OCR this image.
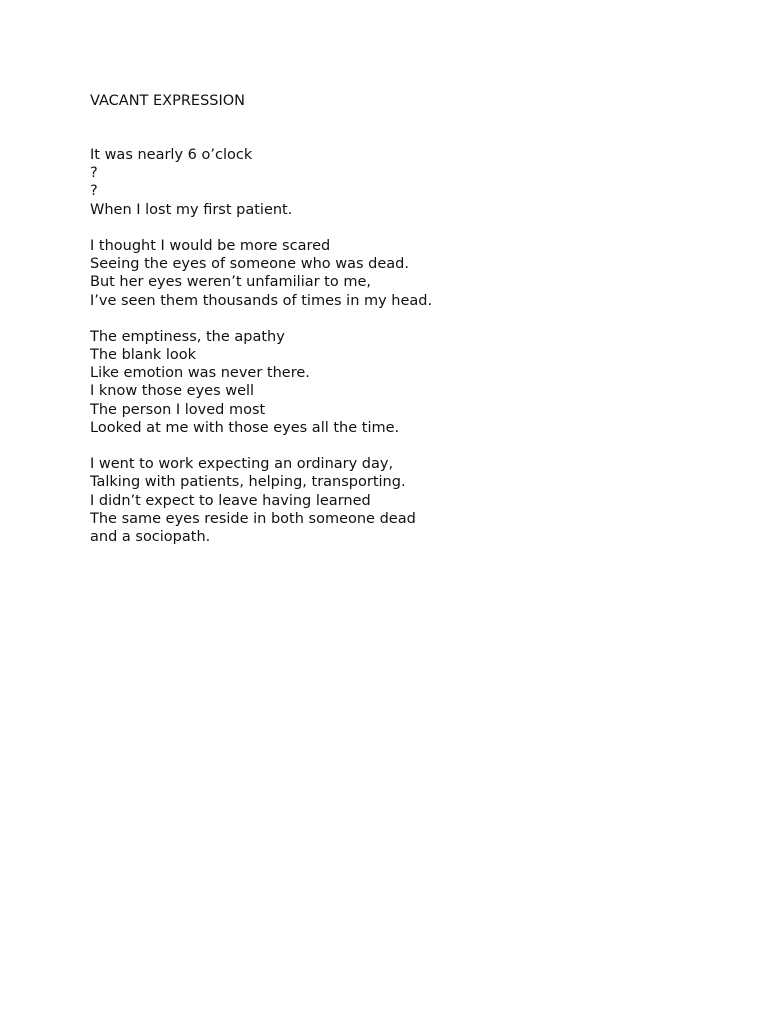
VACANT EXPRESSION
It was nearly 6 o’clock
?
?
When I lost my first patient.
I thought I would be more scared
Seeing the eyes of someone who was dead.
But her eyes weren’t unfamiliar to me,
I’ve seen them thousands of times in my head.
The emptiness, the apathy
The blank look
Like emotion was never there.
I know those eyes well
The person I loved most
Looked at me with those eyes all the time.
I went to work expecting an ordinary day,
Talking with patients, helping, transporting.
I didn’t expect to leave having learned
The same eyes reside in both someone dead
and a sociopath.
